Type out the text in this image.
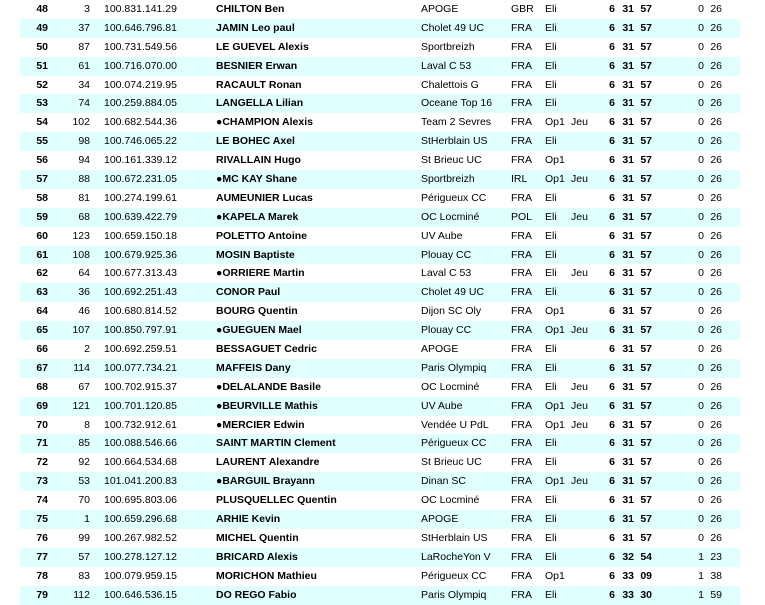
48	3 100.831.141.29	CHILTON Ben	APOGE	GBR Eli	6 31 57	0 26
49	37 100.646.796.81	JAMIN Leo paul	Cholet 49 UC	FRA Eli	6 31 57	0 26
50	87 100.731.549.56	LE GUEVEL Alexis	Sportbreizh	FRA Eli	6 31 57	0 26
51	61 100.716.070.00	BESNIER Erwan	Laval C 53	FRA Eli	6 31 57	0 26
52	34 100.074.219.95	RACAULT Ronan	Chalettois G	FRA Eli	6 31 57	0 26
53	74 100.259.884.05	LANGELLA Lilian	Oceane Top 16 FRA Eli	6 31 57	0 26
54	102 100.682.544.36	●CHAMPION Alexis	Team 2 Sevres FRA Op1 Jeu	6 31 57	0 26
55	98 100.746.065.22	LE BOHEC Axel	StHerblain US FRA Eli	6 31 57	0 26
56	94 100.161.339.12	RIVALLAIN Hugo	St Brieuc UC	FRA Op1	6 31 57	0 26
57	88 100.672.231.05	●MC KAY Shane	Sportbreizh	IRL Op1 Jeu	6 31 57	0 26
58	81 100.274.199.61	AUMEUNIER Lucas	Périgueux CC FRA Eli	6 31 57	0 26
59	68 100.639.422.79	●KAPELA Marek	OC Locminé	POL Eli Jeu	6 31 57	0 26
60	123 100.659.150.18	POLETTO Antoine	UV Aube	FRA Eli	6 31 57	0 26
61	108 100.679.925.36	MOSIN Baptiste	Plouay CC	FRA Eli	6 31 57	0 26
62	64 100.677.313.43	●ORRIERE Martin	Laval C 53	FRA Eli Jeu	6 31 57	0 26
63	36 100.692.251.43	CONOR Paul	Cholet 49 UC	FRA Eli	6 31 57	0 26
64	46 100.680.814.52	BOURG Quentin	Dijon SC Oly	FRA Op1	6 31 57	0 26
65	107 100.850.797.91	●GUEGUEN Mael	Plouay CC	FRA Op1 Jeu	6 31 57	0 26
66	2 100.692.259.51	BESSAGUET Cedric	APOGE	FRA Eli	6 31 57	0 26
67	114 100.077.734.21	MAFFEIS Dany	Paris Olympiq FRA Eli	6 31 57	0 26
68	67 100.702.915.37	●DELALANDE Basile	OC Locminé	FRA Eli Jeu	6 31 57	0 26
69	121 100.701.120.85	●BEURVILLE Mathis	UV Aube	FRA Op1 Jeu	6 31 57	0 26
70	8 100.732.912.61	●MERCIER Edwin	Vendée U PdL FRA Op1 Jeu	6 31 57	0 26
71	85 100.088.546.66	SAINT MARTIN Clement	Périgueux CC FRA Eli	6 31 57	0 26
72	92 100.664.534.68	LAURENT Alexandre	St Brieuc UC	FRA Eli	6 31 57	0 26
73	53 101.041.200.83	●BARGUIL Brayann	Dinan SC	FRA Op1 Jeu	6 31 57	0 26
74	70 100.695.803.06	PLUSQUELLEC Quentin	OC Locminé	FRA Eli	6 31 57	0 26
75	1 100.659.296.68	ARHIE Kevin	APOGE	FRA Eli	6 31 57	0 26
76	99 100.267.982.52	MICHEL Quentin	StHerblain US FRA Eli	6 31 57	0 26
77	57 100.278.127.12	BRICARD Alexis	LaRocheYon V FRA Eli	6 32 54	1 23
78	83 100.079.959.15	MORICHON Mathieu	Périgueux CC FRA Op1	6 33 09	1 38
79	112 100.646.536.15	DO REGO Fabio	Paris Olympiq FRA Eli	6 33 30	1 59
